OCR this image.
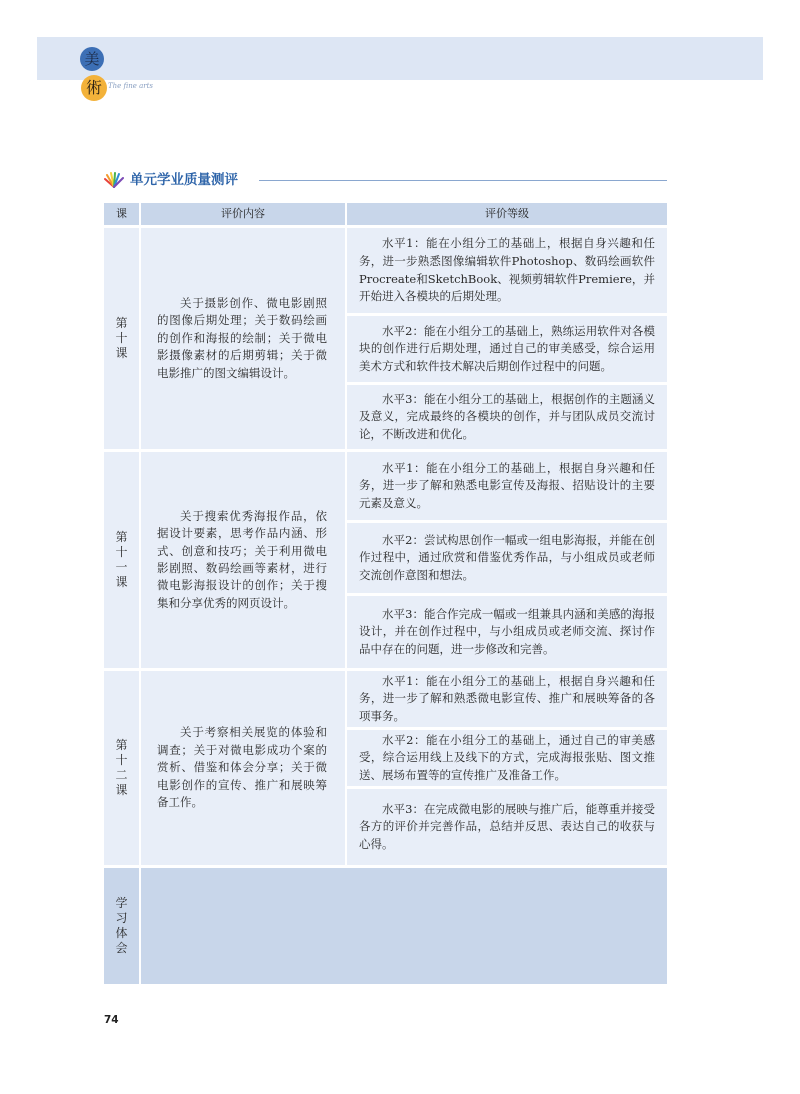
美
術 The fine arts
单元学业质量测评
课	评价内容	评价等级
第十课

关于摄影创作、微电影剧照的图像后期处理；关于数码绘画的创作和海报的绘制；关于微电影摄像素材的后期剪辑；关于微电影推广的图文编辑设计。

水平1：能在小组分工的基础上，根据自身兴趣和任务，进一步熟悉图像编辑软件Photoshop、数码绘画软件Procreate和SketchBook、视频剪辑软件Premiere，并开始进入各模块的后期处理。

水平2：能在小组分工的基础上，熟练运用软件对各模块的创作进行后期处理，通过自己的审美感受，综合运用美术方式和软件技术解决后期创作过程中的问题。

水平3：能在小组分工的基础上，根据创作的主题涵义及意义，完成最终的各模块的创作，并与团队成员交流讨论，不断改进和优化。

第十一课

关于搜索优秀海报作品，依据设计要素，思考作品内涵、形式、创意和技巧；关于利用微电影剧照、数码绘画等素材，进行微电影海报设计的创作；关于搜集和分享优秀的网页设计。

水平1：能在小组分工的基础上，根据自身兴趣和任务，进一步了解和熟悉电影宣传及海报、招贴设计的主要元素及意义。

水平2：尝试构思创作一幅或一组电影海报，并能在创作过程中，通过欣赏和借鉴优秀作品，与小组成员或老师交流创作意图和想法。

水平3：能合作完成一幅或一组兼具内涵和美感的海报设计，并在创作过程中，与小组成员或老师交流、探讨作品中存在的问题，进一步修改和完善。

第十二课

关于考察相关展览的体验和调查；关于对微电影成功个案的赏析、借鉴和体会分享；关于微电影创作的宣传、推广和展映筹备工作。

水平1：能在小组分工的基础上，根据自身兴趣和任务，进一步了解和熟悉微电影宣传、推广和展映筹备的各项事务。

水平2：能在小组分工的基础上，通过自己的审美感受，综合运用线上及线下的方式，完成海报张贴、图文推送、展场布置等的宣传推广及准备工作。

水平3：在完成微电影的展映与推广后，能尊重并接受各方的评价并完善作品，总结并反思、表达自己的收获与心得。

学习体会
74
